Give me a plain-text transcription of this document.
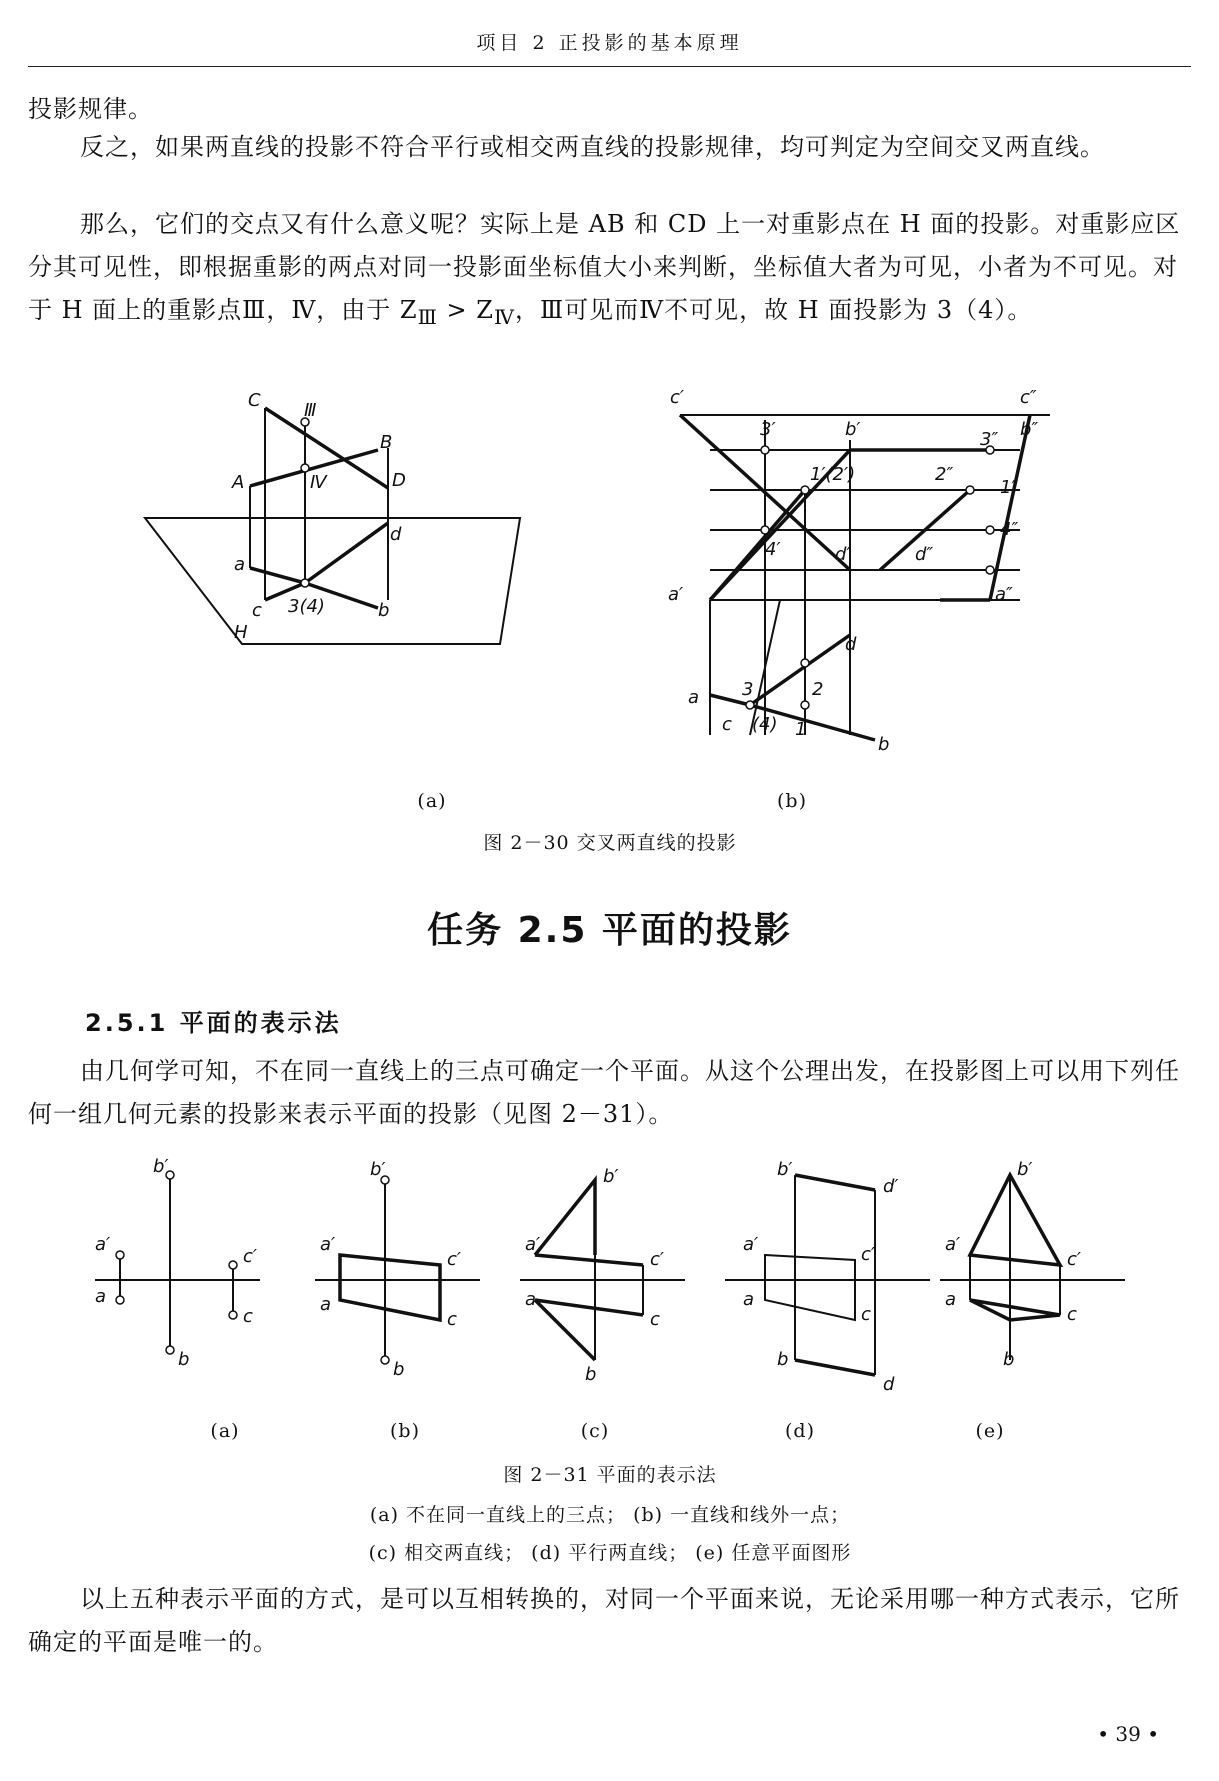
项目 2 正投影的基本原理
投影规律。
反之，如果两直线的投影不符合平行或相交两直线的投影规律，均可判定为空间交叉两直线。
那么，它们的交点又有什么意义呢？实际上是 AB 和 CD 上一对重影点在 H 面的投影。对重影应区分其可见性，即根据重影的两点对同一投影面坐标值大小来判断，坐标值大者为可见，小者为不可见。对于 H 面上的重影点Ⅲ，Ⅳ，由于 $Z_Ⅲ > Z_Ⅳ$，Ⅲ可见而Ⅳ不可见，故 H 面投影为 3（4）。
C Ⅲ
B
A	Ⅳ	D
d
a
c 3(4)	b
H
c′	c″
3′	b′	3″ b″
1′(2′)	2″
1″
4′
4″
d′	d″
a′	a″
d
a 3	2
c (4) 1
b
(a)	(b)
图 2－30 交叉两直线的投影
任务 2.5 平面的投影
2.5.1 平面的表示法
由几何学可知，不在同一直线上的三点可确定一个平面。从这个公理出发，在投影图上可以用下列任何一组几何元素的投影来表示平面的投影（见图 2－31）。
b′
a′
a
c′
c
b
b′
a′
a
c′
c
b
b′
a′
a
c′
c
b
b′
d′
a′
a
c′
c
b
d
b′
a′
a
c′
c
b
(a)	(b)	(c)	(d)	(e)
图 2－31 平面的表示法
(a) 不在同一直线上的三点； (b) 一直线和线外一点；
(c) 相交两直线； (d) 平行两直线； (e) 任意平面图形
以上五种表示平面的方式，是可以互相转换的，对同一个平面来说，无论采用哪一种方式表示，它所确定的平面是唯一的。
• 39 •
